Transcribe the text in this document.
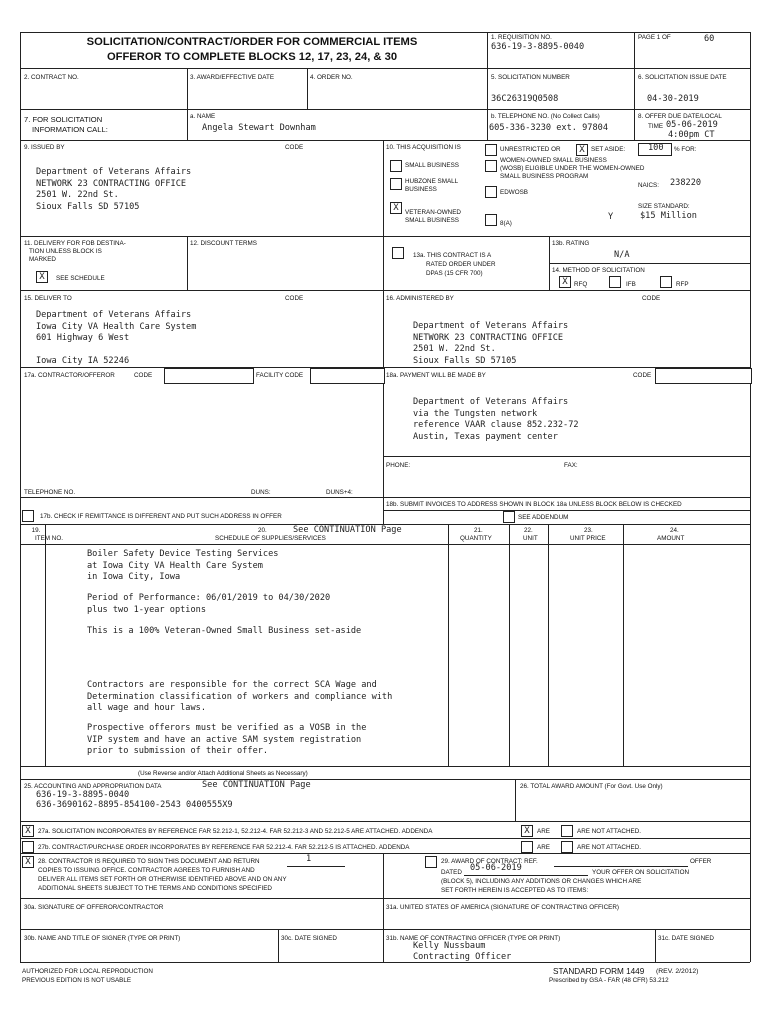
SOLICITATION/CONTRACT/ORDER FOR COMMERCIAL ITEMS
OFFEROR TO COMPLETE BLOCKS 12, 17, 23, 24, & 30
1. REQUISITION NO.
636-19-3-8895-0040
PAGE 1 OF	60
2. CONTRACT NO.	3. AWARD/EFFECTIVE DATE	4. ORDER NO.	5. SOLICITATION NUMBER
36C26319Q0508
6. SOLICITATION ISSUE DATE
04-30-2019
7. FOR SOLICITATION
INFORMATION CALL:
a. NAME
Angela Stewart Downham
b. TELEPHONE NO. (No Collect Calls)
605-336-3230 ext. 97804
8. OFFER DUE DATE/LOCAL
TIME 05-06-2019
4:00pm CT
9. ISSUED BY	CODE
Department of Veterans Affairs
NETWORK 23 CONTRACTING OFFICE
2501 W. 22nd St.
Sioux Falls SD 57105
10. THIS ACQUISITION IS	UNRESTRICTED OR	X SET ASIDE:	100 % FOR:
SMALL BUSINESS
WOMEN-OWNED SMALL BUSINESS
(WOSB) ELIGIBLE UNDER THE WOMEN-OWNED
SMALL BUSINESS PROGRAM
HUBZONE SMALL
BUSINESS	EDWOSB
NAICS: 238220
X VETERAN-OWNED
SMALL BUSINESS	8(A)
Y
SIZE STANDARD:
$15 Million
11. DELIVERY FOR FOB DESTINA-
TION UNLESS BLOCK IS
MARKED
X	SEE SCHEDULE
12. DISCOUNT TERMS
13a. THIS CONTRACT IS A
RATED ORDER UNDER
DPAS (15 CFR 700)
13b. RATING
N/A
14. METHOD OF SOLICITATION
X RFQ	IFB	RFP
15. DELIVER TO	CODE
Department of Veterans Affairs
Iowa City VA Health Care System
601 Highway 6 West
Iowa City IA 52246
16. ADMINISTERED BY	CODE
Department of Veterans Affairs
NETWORK 23 CONTRACTING OFFICE
2501 W. 22nd St.
Sioux Falls SD 57105
17a. CONTRACTOR/OFFEROR	CODE	FACILITY CODE
TELEPHONE NO.	DUNS:	DUNS+4:
18a. PAYMENT WILL BE MADE BY	CODE
Department of Veterans Affairs
via the Tungsten network
reference VAAR clause 852.232-72
Austin, Texas payment center
PHONE:	FAX:
17b. CHECK IF REMITTANCE IS DIFFERENT AND PUT SUCH ADDRESS IN OFFER
18b. SUBMIT INVOICES TO ADDRESS SHOWN IN BLOCK 18a UNLESS BLOCK BELOW IS CHECKED
SEE ADDENDUM
19.
ITEM NO.
20.
SCHEDULE OF SUPPLIES/SERVICES
See CONTINUATION Page	21.
QUANTITY
22.
UNIT
23.
UNIT PRICE
24.
AMOUNT
Boiler Safety Device Testing Services
at Iowa City VA Health Care System
in Iowa City, Iowa
Period of Performance: 06/01/2019 to 04/30/2020
plus two 1-year options
This is a 100% Veteran-Owned Small Business set-aside
Contractors are responsible for the correct SCA Wage and
Determination classification of workers and compliance with
all wage and hour laws.
Prospective offerors must be verified as a VOSB in the
VIP system and have an active SAM system registration
prior to submission of their offer.
(Use Reverse and/or Attach Additional Sheets as Necessary)
25. ACCOUNTING AND APPROPRIATION DATA	See CONTINUATION Page
636-19-3-8895-0040
636-3690162-8895-854100-2543 0400555X9
26. TOTAL AWARD AMOUNT (For Govt. Use Only)
X	27a. SOLICITATION INCORPORATES BY REFERENCE FAR 52.212-1, 52.212-4. FAR 52.212-3 AND 52.212-5 ARE ATTACHED. ADDENDA	X	ARE	ARE NOT ATTACHED.
27b. CONTRACT/PURCHASE ORDER INCORPORATES BY REFERENCE FAR 52.212-4. FAR 52.212-5 IS ATTACHED. ADDENDA	ARE	ARE NOT ATTACHED.
X	28. CONTRACTOR IS REQUIRED TO SIGN THIS DOCUMENT AND RETURN	1
COPIES TO ISSUING OFFICE. CONTRACTOR AGREES TO FURNISH AND
DELIVER ALL ITEMS SET FORTH OR OTHERWISE IDENTIFIED ABOVE AND ON ANY
ADDITIONAL SHEETS SUBJECT TO THE TERMS AND CONDITIONS SPECIFIED
29. AWARD OF CONTRACT: REF.	OFFER
DATED 05-06-2019	YOUR OFFER ON SOLICITATION
(BLOCK 5), INCLUDING ANY ADDITIONS OR CHANGES WHICH ARE
SET FORTH HEREIN IS ACCEPTED AS TO ITEMS:
30a. SIGNATURE OF OFFEROR/CONTRACTOR	31a. UNITED STATES OF AMERICA (SIGNATURE OF CONTRACTING OFFICER)
30b. NAME AND TITLE OF SIGNER (TYPE OR PRINT)	30c. DATE SIGNED	31b. NAME OF CONTRACTING OFFICER (TYPE OR PRINT)
Kelly Nussbaum
Contracting Officer
31c. DATE SIGNED
AUTHORIZED FOR LOCAL REPRODUCTION
PREVIOUS EDITION IS NOT USABLE
STANDARD FORM 1449 (REV. 2/2012)
Prescribed by GSA - FAR (48 CFR) 53.212
